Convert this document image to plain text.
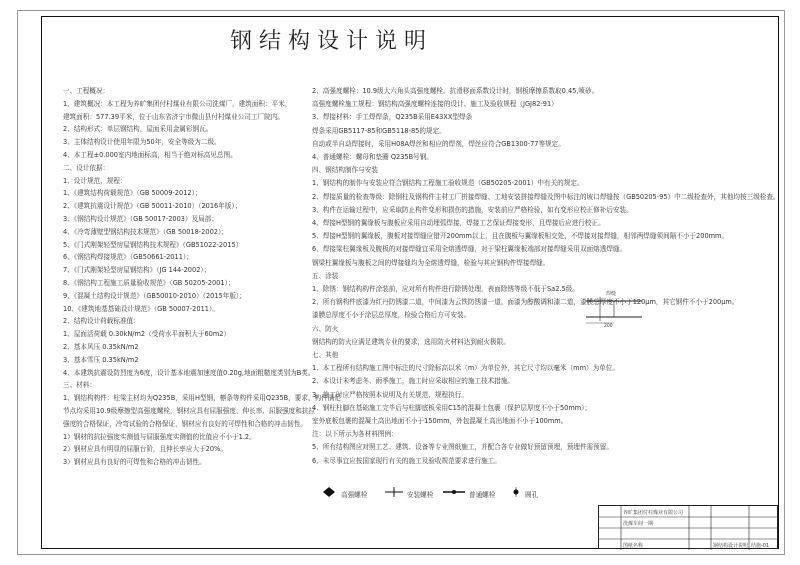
钢结构设计说明
一、工程概况：
1、建筑概况：本工程为养旷集团付村煤业有限公司洗煤厂，建筑面积：平米，
建筑面积：577.39平米，位于山东省济宁市微山县付村煤业公司工厂院内。
2、结构形式：单层钢结构，屋面采用金属彩钢瓦。
3、主体结构设计使用年限为50年，安全等级为二级。
4、本工程±0.000室内地面标高，相当于绝对标高见总图。
二、设计依据：
1、设计规范、规程：
1、《建筑结构荷载规范》（GB 50009-2012）；
2、《建筑抗震设计规范》（GB 50011-2010）（2016年版）；
3、《钢结构设计规范》（GB 50017-2003）及局部；
4、《冷弯薄壁型钢结构技术规范》（GB 50018-2002）；
5、《门式刚架轻型房屋钢结构技术规程》（GB51022-2015）
6、《钢结构焊接规范》（GB50661-2011）；
7、《门式刚架轻型房屋钢结构》（JG 144-2002）；
8、《钢结构工程施工质量验收规范》（GB 50205-2001）；
9、《混凝土结构设计规范》（GB50010-2010）（2015年版）；
10、《建筑地基基础设计规范》（GB 50007-2011）。
2、结构设计荷载标准值：
1、屋面活荷载 0.30kN/m2（受荷水平面积大于60m2）
2、基本风压 0.35kN/m2
3、基本雪压 0.35kN/m2
4、本建筑抗震设防烈度为6度，设计基本地震加速度值0.20g,地面粗糙度类别为B类。
三、材料：
1、钢结构构件：柱梁主材均为Q235B，采用H型钢，檩条等构件采用Q235B，要求，构件满足
节点均采用10.9级摩擦型高强度螺栓，钢材应具有屈服强度、伸长率、屈服强度和抗拉
强度的合格保证，冷弯试验的合格保证，钢材应有良好的可焊性和合格的冲击韧性。
1）钢材的抗拉强度实测值与屈服强度实测值的比值应不小于1.2。
2）钢材应具有明显的屈服台阶，且伸长率应大于20%。
3）钢材应具有良好的可焊性和合格的冲击韧性。
2、高强度螺栓：10.9级大六角头高强度螺栓。抗滑移面系数设计时，钢板摩擦系数取0.45,喷砂。
高强度螺栓施工规程：钢结构高强度螺栓连接的设计、施工及验收规程（JGJ82-91）
3、焊接材料：手工焊焊条，Q235B采用E43XX型焊条
焊条采用GB5117-85和GB5118-85的规定。
自动或半自动焊接时，采用H08A焊丝和相应的焊剂，焊丝应符合GB1300-77等规定。
4、普通螺栓：螺母和垫圈 Q235B号钢。
四、钢结构制作与安装
1、钢结构的制作与安装应符合钢结构工程施工验收规范（GB50205-2001）中有关的规定。
2、焊接质量的检查等级：除钢柱及钢构件主材工厂拼接焊缝、工地安装拼接焊缝及图中标注的坡口焊缝按（GB50205-95）中二级检查外，其他均按三级检查。
3、构件在运输过程中，应采取防止构件变形和损伤的措施，安装前应严格检验，如有变形应校正修补后安装。
4、焊接H型钢的翼缘板与腹板应采用自动埋弧焊接，焊接工艺保证焊接变形，且焊接后应进行校正。
5、焊接H型钢的翼缘板，腹板对接焊缝应错开200mm以上，且在腹板与翼缘板相交处，不焊接对接焊缝，相邻两焊缝须间隔不小于200mm。
6、焊接梁柱翼缘板及腹板的对接焊缝宜采用全熔透焊缝，对于梁柱翼缘板端部对接焊缝采用双面熔透焊缝。
钢梁柱翼缘板与腹板之间的焊接缝均为全熔透焊缝，检验与其应钢构件焊接焊缝。
五、涂装
1、除锈：钢结构构件涂装前，应对所有构件进行除锈处理，表面除锈等级不低于Sa2.5级。
2、所有钢构件底漆为红丹防锈漆二道，中间漆为云铁防锈漆一道，面漆为醇酸调和漆二道，漆膜总厚度不小于120μm，其它钢件不小于200μm。
漆膜总厚度不小于涂层总厚度，检验合格后方可安装。
六、防火
钢结构的防火应满足建筑专业的要求，选用防火材料达到耐火极限。
七、其他
1、本工程所有结构施工图中标注的尺寸除标高以米（m）为单位外，其它尺寸均以毫米（mm）为单位。
2、本设计未考虑冬、雨季施工，施工时应采取相应的施工技术措施。
3、施工时应严格按照本说明及有关规范、规程执行。
4、钢柱柱脚在基础施工完毕后与柱脚底板采用C15的混凝土包裹（保护层厚度不小于50mm）；
室外底板包裹的混凝土高出地面不小于150mm，外包混凝土高出地面不小于100mm。
注：以下所示为各材料图例：
5、所有结构图应对照工艺、建筑、设备等专业图纸施工，并配合各专业做好预留预埋，预埋件需预留。
6、未尽事宜应按国家现行有关的施工及验收规范要求进行施工。
焊缝
200
高强螺栓	安装螺栓	普通螺栓	圆孔
养旷集团付村煤业有限公司
洗煤车间一期
图纸名称	钢结构设计说明 结施-01
